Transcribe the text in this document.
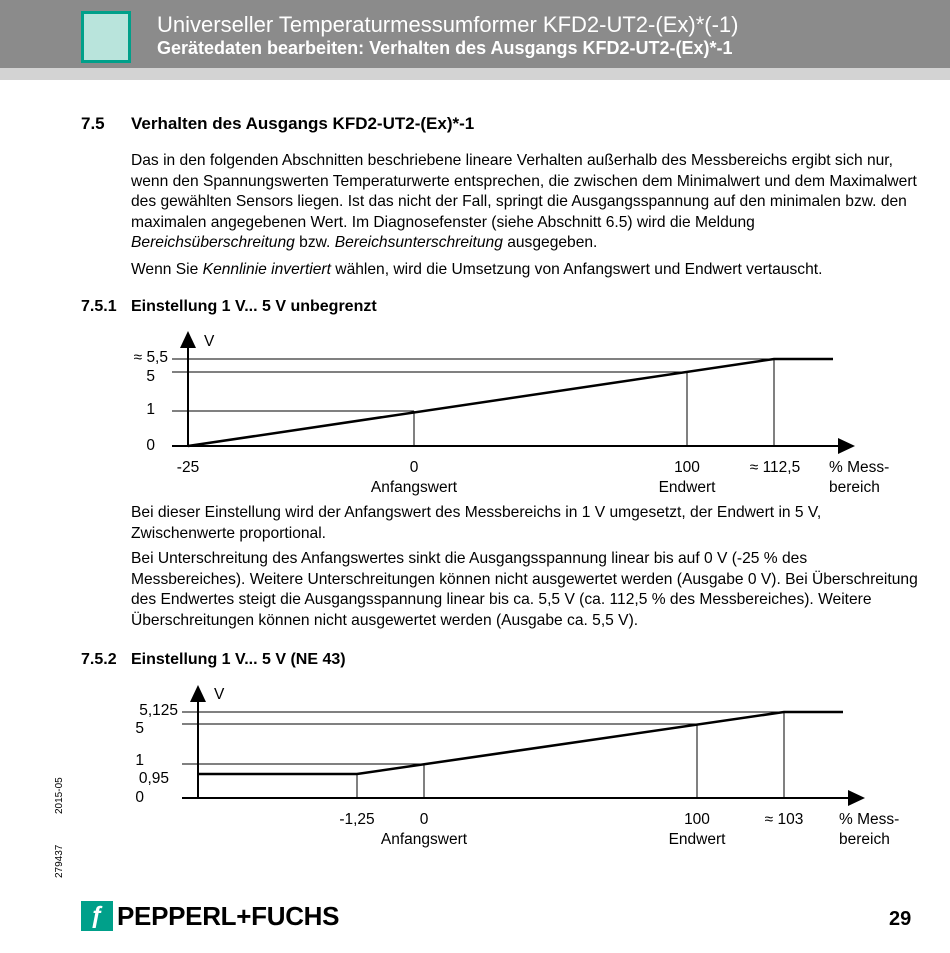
Universeller Temperaturmessumformer KFD2-UT2-(Ex)*(-1)
Gerätedaten bearbeiten: Verhalten des Ausgangs KFD2-UT2-(Ex)*-1
7.5 Verhalten des Ausgangs KFD2-UT2-(Ex)*-1

Das in den folgenden Abschnitten beschriebene lineare Verhalten außerhalb des Messbereichs ergibt sich nur, wenn den Spannungswerten Temperaturwerte entsprechen, die zwischen dem Minimalwert und dem Maximalwert des gewählten Sensors liegen. Ist das nicht der Fall, springt die Ausgangsspannung auf den minimalen bzw. den maximalen angegebenen Wert. Im Diagnosefenster (siehe Abschnitt 6.5) wird die Meldung Bereichsüberschreitung bzw. Bereichsunterschreitung ausgegeben.

Wenn Sie Kennlinie invertiert wählen, wird die Umsetzung von Anfangswert und Endwert vertauscht.

7.5.1 Einstellung 1 V... 5 V unbegrenzt
V
≈ 5,5
5
1
0
-25	0	100	≈ 112,5 % Mess-
bereich
Anfangswert	Endwert

Bei dieser Einstellung wird der Anfangswert des Messbereichs in 1 V umgesetzt, der Endwert in 5 V, Zwischenwerte proportional.

Bei Unterschreitung des Anfangswertes sinkt die Ausgangsspannung linear bis auf 0 V (-25 % des Messbereiches). Weitere Unterschreitungen können nicht ausgewertet werden (Ausgabe 0 V). Bei Überschreitung des Endwertes steigt die Ausgangsspannung linear bis ca. 5,5 V (ca. 112,5 % des Messbereiches). Weitere Überschreitungen können nicht ausgewertet werden (Ausgabe ca. 5,5 V).

7.5.2 Einstellung 1 V... 5 V (NE 43)
V
5,125
5
1
0,95
0
-1,25	0	100	≈ 103 % Mess-
bereich
Anfangswert	Endwert
2015-05
279437
ƒ PEPPERL+FUCHS	29
